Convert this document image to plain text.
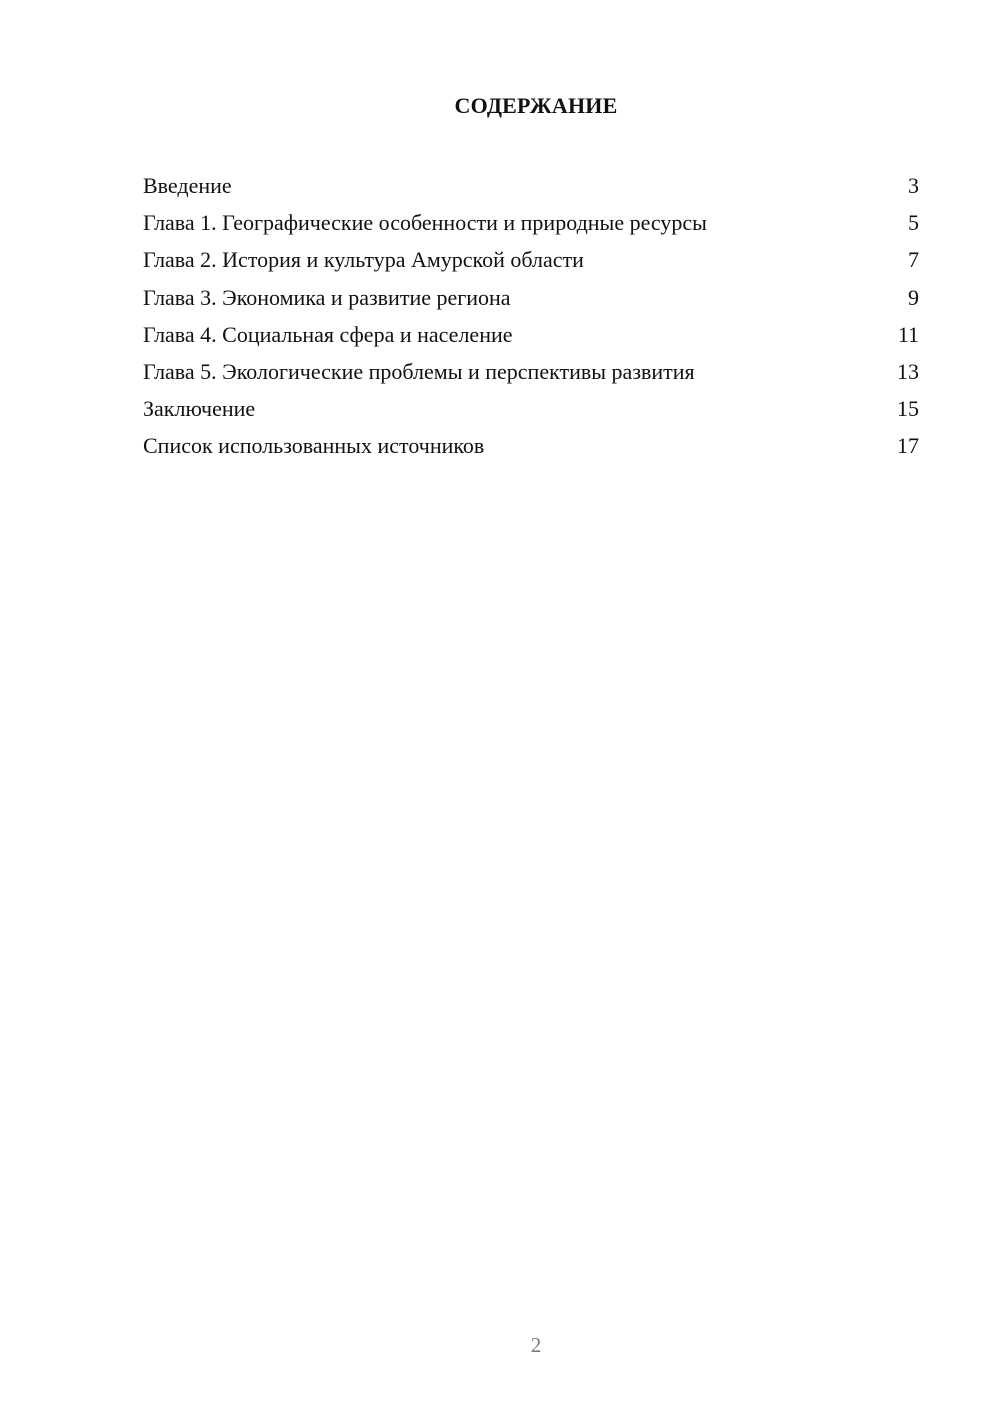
СОДЕРЖАНИЕ
Введение	3
Глава 1. Географические особенности и природные ресурсы	5
Глава 2. История и культура Амурской области	7
Глава 3. Экономика и развитие региона	9
Глава 4. Социальная сфера и население	11
Глава 5. Экологические проблемы и перспективы развития	13
Заключение	15
Список использованных источников	17
2
